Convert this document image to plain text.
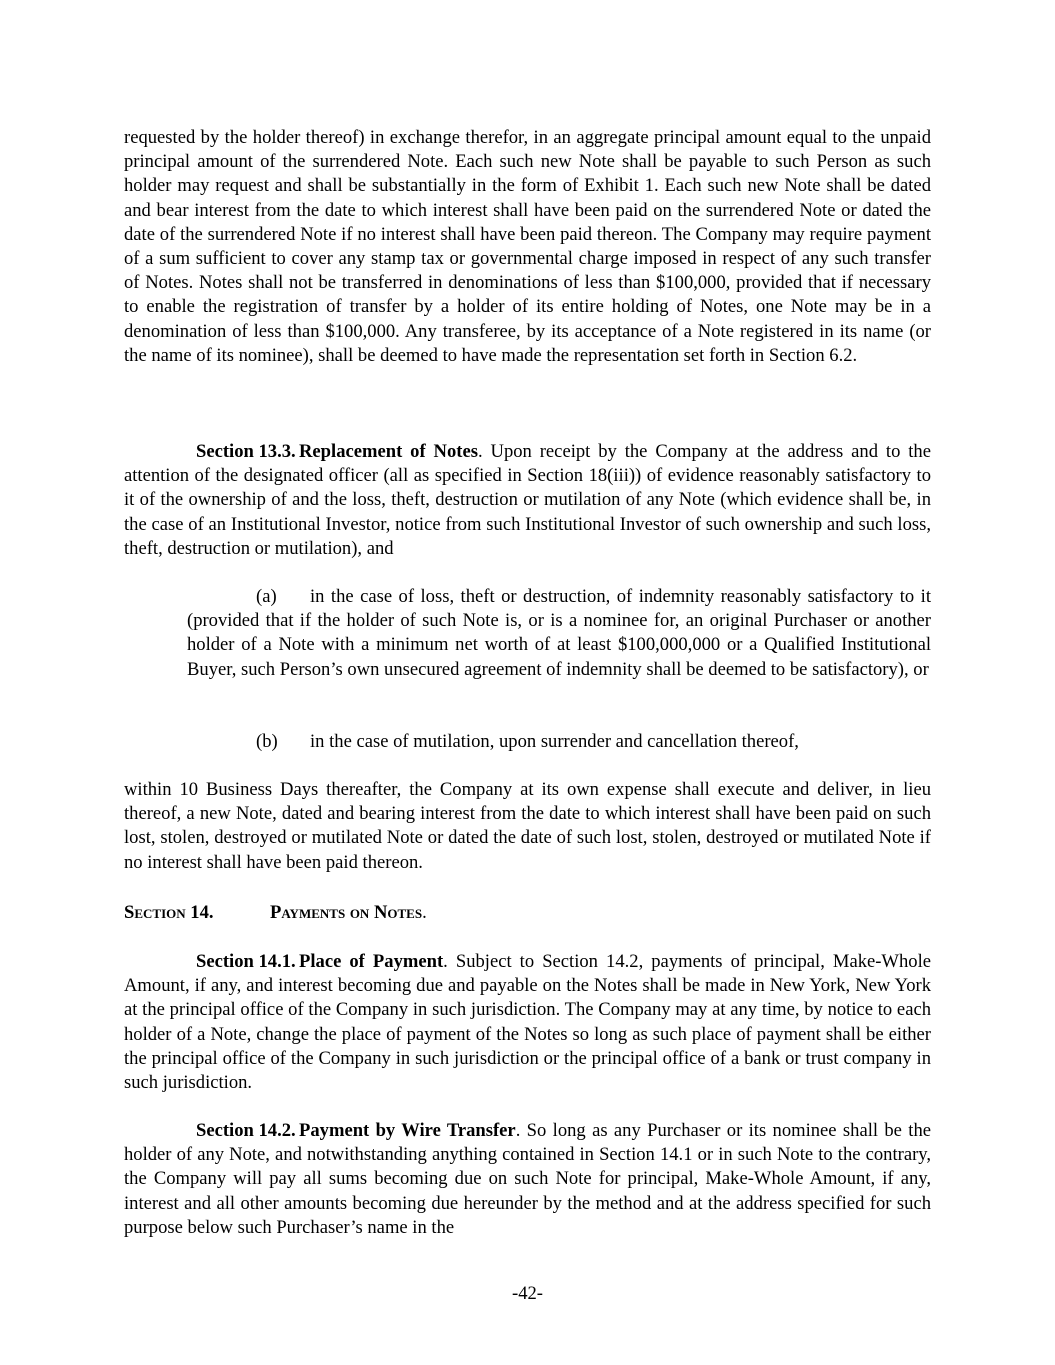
requested by the holder thereof) in exchange therefor, in an aggregate principal amount equal to the unpaid principal amount of the surrendered Note. Each such new Note shall be payable to such Person as such holder may request and shall be substantially in the form of Exhibit 1. Each such new Note shall be dated and bear interest from the date to which interest shall have been paid on the surrendered Note or dated the date of the surrendered Note if no interest shall have been paid thereon. The Company may require payment of a sum sufficient to cover any stamp tax or governmental charge imposed in respect of any such transfer of Notes. Notes shall not be transferred in denominations of less than $100,000, provided that if necessary to enable the registration of transfer by a holder of its entire holding of Notes, one Note may be in a denomination of less than $100,000. Any transferee, by its acceptance of a Note registered in its name (or the name of its nominee), shall be deemed to have made the representation set forth in Section 6.2.

Section 13.3. Replacement of Notes. Upon receipt by the Company at the address and to the attention of the designated officer (all as specified in Section 18(iii)) of evidence reasonably satisfactory to it of the ownership of and the loss, theft, destruction or mutilation of any Note (which evidence shall be, in the case of an Institutional Investor, notice from such Institutional Investor of such ownership and such loss, theft, destruction or mutilation), and

(a) in the case of loss, theft or destruction, of indemnity reasonably satisfactory to it (provided that if the holder of such Note is, or is a nominee for, an original Purchaser or another holder of a Note with a minimum net worth of at least $100,000,000 or a Qualified Institutional Buyer, such Person’s own unsecured agreement of indemnity shall be deemed to be satisfactory), or

(b) in the case of mutilation, upon surrender and cancellation thereof,

within 10 Business Days thereafter, the Company at its own expense shall execute and deliver, in lieu thereof, a new Note, dated and bearing interest from the date to which interest shall have been paid on such lost, stolen, destroyed or mutilated Note or dated the date of such lost, stolen, destroyed or mutilated Note if no interest shall have been paid thereon.

Section 14.	Payments on Notes.

Section 14.1. Place of Payment. Subject to Section 14.2, payments of principal, Make-Whole Amount, if any, and interest becoming due and payable on the Notes shall be made in New York, New York at the principal office of the Company in such jurisdiction. The Company may at any time, by notice to each holder of a Note, change the place of payment of the Notes so long as such place of payment shall be either the principal office of the Company in such jurisdiction or the principal office of a bank or trust company in such jurisdiction.

Section 14.2. Payment by Wire Transfer. So long as any Purchaser or its nominee shall be the holder of any Note, and notwithstanding anything contained in Section 14.1 or in such Note to the contrary, the Company will pay all sums becoming due on such Note for principal, Make-Whole Amount, if any, interest and all other amounts becoming due hereunder by the method and at the address specified for such purpose below such Purchaser’s name in the

-42-
